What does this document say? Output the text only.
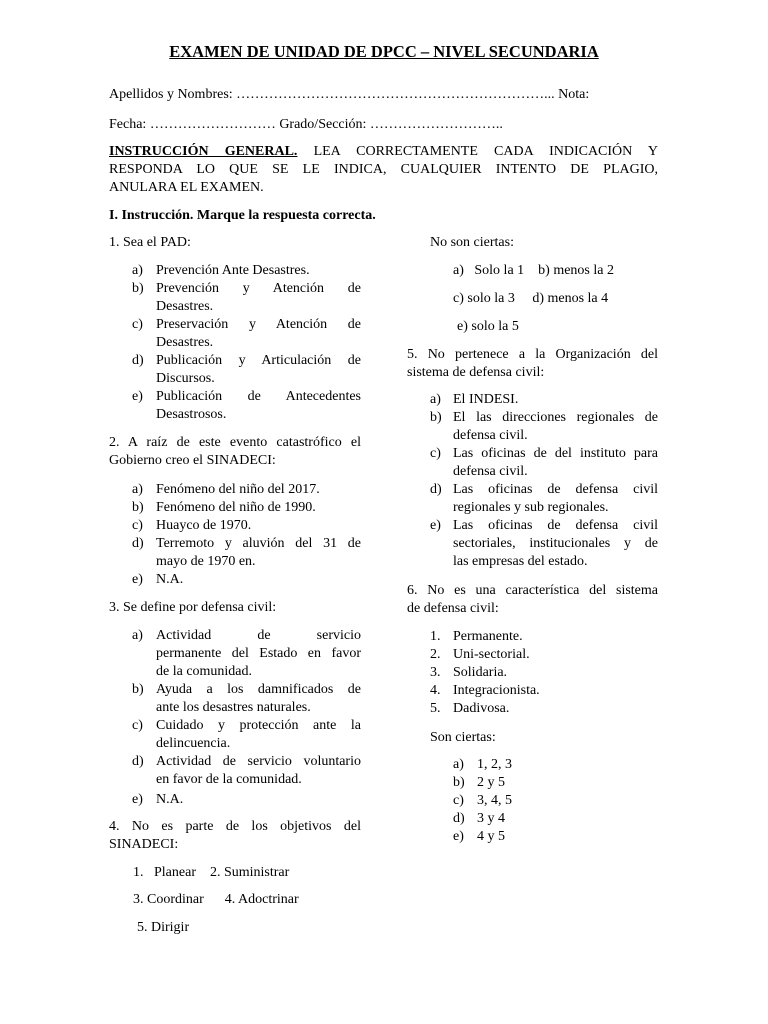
EXAMEN DE UNIDAD DE DPCC – NIVEL SECUNDARIA
Apellidos y Nombres: …………………………………………………………... Nota:
Fecha: ……………………… Grado/Sección: ………………………..
INSTRUCCIÓN GENERAL. LEA CORRECTAMENTE CADA INDICACIÓN Y
RESPONDA LO QUE SE LE INDICA, CUALQUIER INTENTO DE PLAGIO,
ANULARA EL EXAMEN.
I. Instrucción. Marque la respuesta correcta.
1. Sea el PAD:
a) Prevención Ante Desastres.
b) Prevención y Atención de
Desastres.
c) Preservación y Atención de
Desastres.
d) Publicación y Articulación de
Discursos.
e) Publicación de Antecedentes
Desastrosos.
2. A raíz de este evento catastrófico el
Gobierno creo el SINADECI:
a) Fenómeno del niño del 2017.
b) Fenómeno del niño de 1990.
c) Huayco de 1970.
d) Terremoto y aluvión del 31 de
mayo de 1970 en.
e) N.A.
3. Se define por defensa civil:
a) Actividad de servicio
permanente del Estado en favor
de la comunidad.
b) Ayuda a los damnificados de
ante los desastres naturales.
c) Cuidado y protección ante la
delincuencia.
d) Actividad de servicio voluntario
en favor de la comunidad.
e) N.A.
4. No es parte de los objetivos del
SINADECI:
1.   Planear    2. Suministrar
3. Coordinar      4. Adoctrinar
5. Dirigir
No son ciertas:
a)   Solo la 1    b) menos la 2
c) solo la 3     d) menos la 4
e) solo la 5
5. No pertenece a la Organización del
sistema de defensa civil:
a) El INDESI.
b) El las direcciones regionales de
defensa civil.
c) Las oficinas de del instituto para
defensa civil.
d) Las oficinas de defensa civil
regionales y sub regionales.
e) Las oficinas de defensa civil
sectoriales, institucionales y de
las empresas del estado.
6. No es una característica del sistema
de defensa civil:
1. Permanente.
2. Uni-sectorial.
3. Solidaria.
4. Integracionista.
5. Dadivosa.
Son ciertas:
a) 1, 2, 3
b) 2 y 5
c) 3, 4, 5
d) 3 y 4
e) 4 y 5
